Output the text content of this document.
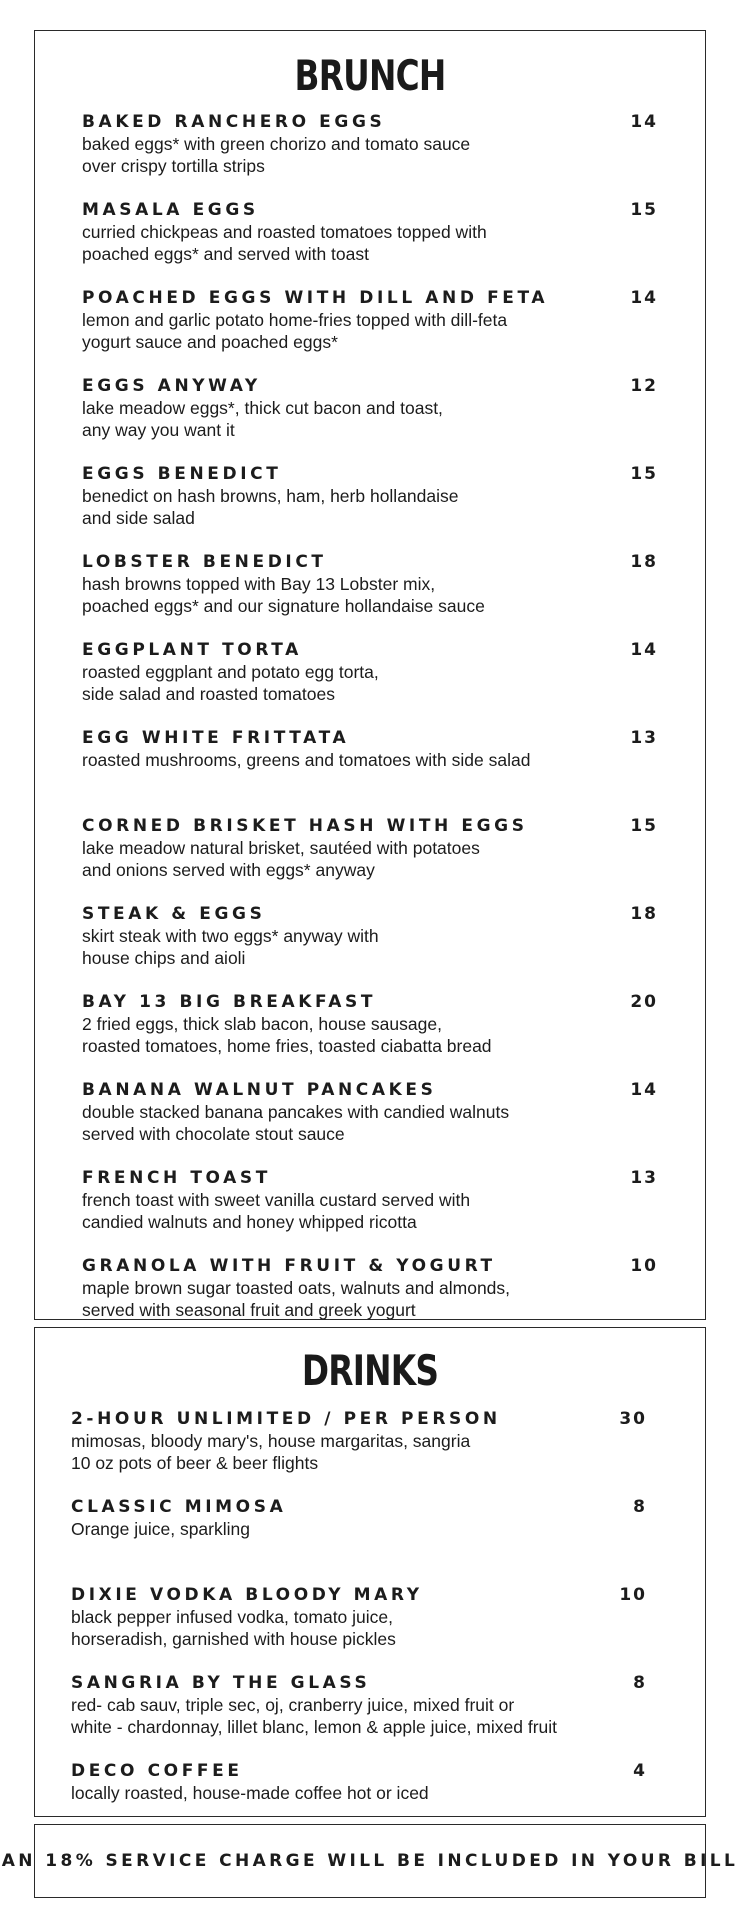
BRUNCH
BAKED RANCHERO EGGS	14
baked eggs* with green chorizo and tomato sauce
over crispy tortilla strips
MASALA EGGS	15
curried chickpeas and roasted tomatoes topped with
poached eggs* and served with toast
POACHED EGGS WITH DILL AND FETA	14
lemon and garlic potato home-fries topped with dill-feta
yogurt sauce and poached eggs*
EGGS ANYWAY	12
lake meadow eggs*, thick cut bacon and toast,
any way you want it
EGGS BENEDICT	15
benedict on hash browns, ham, herb hollandaise
and side salad
LOBSTER BENEDICT	18
hash browns topped with Bay 13 Lobster mix,
poached eggs* and our signature hollandaise sauce
EGGPLANT TORTA	14
roasted eggplant and potato egg torta,
side salad and roasted tomatoes
EGG WHITE FRITTATA	13
roasted mushrooms, greens and tomatoes with side salad
CORNED BRISKET HASH WITH EGGS	15
lake meadow natural brisket, sautéed with potatoes
and onions served with eggs* anyway
STEAK & EGGS	18
skirt steak with two eggs* anyway with
house chips and aioli
BAY 13 BIG BREAKFAST	20
2 fried eggs, thick slab bacon, house sausage,
roasted tomatoes, home fries, toasted ciabatta bread
BANANA WALNUT PANCAKES	14
double stacked banana pancakes with candied walnuts
served with chocolate stout sauce
FRENCH TOAST	13
french toast with sweet vanilla custard served with
candied walnuts and honey whipped ricotta
GRANOLA WITH FRUIT & YOGURT	10
maple brown sugar toasted oats, walnuts and almonds,
served with seasonal fruit and greek yogurt
DRINKS
2-HOUR UNLIMITED / PER PERSON	30
mimosas, bloody mary's, house margaritas, sangria
10 oz pots of beer & beer flights
CLASSIC MIMOSA	8
Orange juice, sparkling
DIXIE VODKA BLOODY MARY	10
black pepper infused vodka, tomato juice,
horseradish, garnished with house pickles
SANGRIA BY THE GLASS	8
red- cab sauv, triple sec, oj, cranberry juice, mixed fruit or
white - chardonnay, lillet blanc, lemon & apple juice, mixed fruit
DECO COFFEE	4
locally roasted, house-made coffee hot or iced
AN 18% SERVICE CHARGE WILL BE INCLUDED IN YOUR BILL
